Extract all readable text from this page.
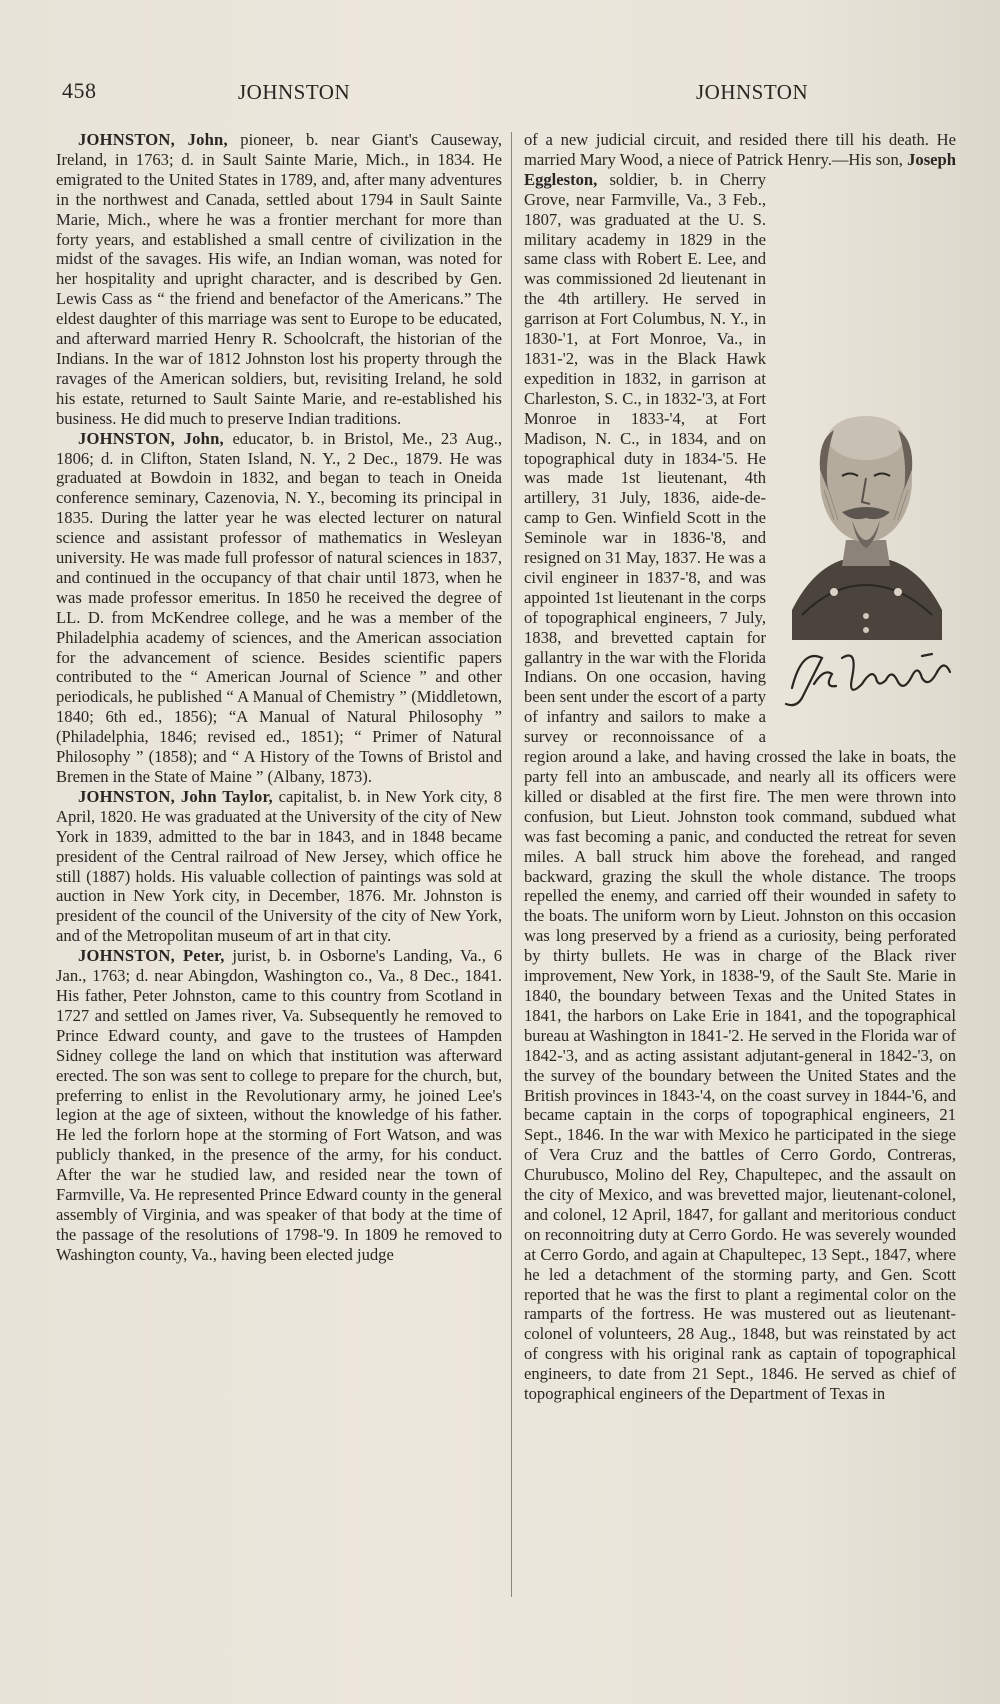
458	JOHNSTON	JOHNSTON

JOHNSTON, John, pioneer, b. near Giant's Causeway, Ireland, in 1763; d. in Sault Sainte Marie, Mich., in 1834. He emigrated to the United States in 1789, and, after many adventures in the northwest and Canada, settled about 1794 in Sault Sainte Marie, Mich., where he was a frontier merchant for more than forty years, and established a small centre of civilization in the midst of the savages. His wife, an Indian woman, was noted for her hospitality and upright character, and is described by Gen. Lewis Cass as “ the friend and benefactor of the Americans.” The eldest daughter of this marriage was sent to Europe to be educated, and afterward married Henry R. Schoolcraft, the historian of the Indians. In the war of 1812 Johnston lost his property through the ravages of the American soldiers, but, revisiting Ireland, he sold his estate, returned to Sault Sainte Marie, and re-established his business. He did much to preserve Indian traditions.

JOHNSTON, John, educator, b. in Bristol, Me., 23 Aug., 1806; d. in Clifton, Staten Island, N. Y., 2 Dec., 1879. He was graduated at Bowdoin in 1832, and began to teach in Oneida conference seminary, Cazenovia, N. Y., becoming its principal in 1835. During the latter year he was elected lecturer on natural science and assistant professor of mathematics in Wesleyan university. He was made full professor of natural sciences in 1837, and continued in the occupancy of that chair until 1873, when he was made professor emeritus. In 1850 he received the degree of LL. D. from McKendree college, and he was a member of the Philadelphia academy of sciences, and the American association for the advancement of science. Besides scientific papers contributed to the “ American Journal of Science ” and other periodicals, he published “ A Manual of Chemistry ” (Middletown, 1840; 6th ed., 1856); “A Manual of Natural Philosophy ” (Philadelphia, 1846; revised ed., 1851); “ Primer of Natural Philosophy ” (1858); and “ A History of the Towns of Bristol and Bremen in the State of Maine ” (Albany, 1873).

JOHNSTON, John Taylor, capitalist, b. in New York city, 8 April, 1820. He was graduated at the University of the city of New York in 1839, admitted to the bar in 1843, and in 1848 became president of the Central railroad of New Jersey, which office he still (1887) holds. His valuable collection of paintings was sold at auction in New York city, in December, 1876. Mr. Johnston is president of the council of the University of the city of New York, and of the Metropolitan museum of art in that city.

JOHNSTON, Peter, jurist, b. in Osborne's Landing, Va., 6 Jan., 1763; d. near Abingdon, Washington co., Va., 8 Dec., 1841. His father, Peter Johnston, came to this country from Scotland in 1727 and settled on James river, Va. Subsequently he removed to Prince Edward county, and gave to the trustees of Hampden Sidney college the land on which that institution was afterward erected. The son was sent to college to prepare for the church, but, preferring to enlist in the Revolutionary army, he joined Lee's legion at the age of sixteen, without the knowledge of his father. He led the forlorn hope at the storming of Fort Watson, and was publicly thanked, in the presence of the army, for his conduct. After the war he studied law, and resided near the town of Farmville, Va. He represented Prince Edward county in the general assembly of Virginia, and was speaker of that body at the time of the passage of the resolutions of 1798-'9. In 1809 he removed to Washington county, Va., having been elected judge

of a new judicial circuit, and resided there till his death. He married Mary Wood, a niece of Patrick Henry.—His son, Joseph Eggleston,
soldier, b. in Cherry Grove, near Farmville, Va., 3 Feb., 1807, was graduated at the U. S. military academy in 1829 in the same class with Robert E. Lee, and was commissioned 2d lieutenant in the 4th artillery. He served in garrison at Fort Columbus, N. Y., in 1830-'1, at Fort Monroe, Va., in 1831-'2, was in the Black Hawk expedition in 1832, in garrison at Charleston, S. C., in 1832-'3, at Fort Monroe in 1833-'4, at Fort Madison, N. C., in 1834, and on topographical duty in 1834-'5. He was made 1st lieutenant, 4th artillery, 31 July, 1836, aide-de-camp to Gen. Winfield Scott in the Seminole war in 1836-'8, and resigned on 31 May, 1837. He was a civil engineer in 1837-'8, and was appointed 1st lieutenant in the corps of topographical engineers, 7 July, 1838, and brevetted captain for gallantry in the war with the Florida Indians. On one occasion, having been sent under the escort of a party of infantry and sailors to make a survey or reconnoissance of a region around a lake, and having crossed the lake in boats, the party fell into an ambuscade, and nearly all its officers were killed or disabled at the first fire. The men were thrown into confusion, but Lieut. Johnston took command, subdued what was fast becoming a panic, and conducted the retreat for seven miles. A ball struck him above the forehead, and ranged backward, grazing the skull the whole distance. The troops repelled the enemy, and carried off their wounded in safety to the boats. The uniform worn by Lieut. Johnston on this occasion was long preserved by a friend as a curiosity, being perforated by thirty bullets. He was in charge of the Black river improvement, New York, in 1838-'9, of the Sault Ste. Marie in 1840, the boundary between Texas and the United States in 1841, the harbors on Lake Erie in 1841, and the topographical bureau at Washington in 1841-'2. He served in the Florida war of 1842-'3, and as acting assistant adjutant-general in 1842-'3, on the survey of the boundary between the United States and the British provinces in 1843-'4, on the coast survey in 1844-'6, and became captain in the corps of topographical engineers, 21 Sept., 1846. In the war with Mexico he participated in the siege of Vera Cruz and the battles of Cerro Gordo, Contreras, Churubusco, Molino del Rey, Chapultepec, and the assault on the city of Mexico, and was brevetted major, lieutenant-colonel, and colonel, 12 April, 1847, for gallant and meritorious conduct on reconnoitring duty at Cerro Gordo. He was severely wounded at Cerro Gordo, and again at Chapultepec, 13 Sept., 1847, where he led a detachment of the storming party, and Gen. Scott reported that he was the first to plant a regimental color on the ramparts of the fortress. He was mustered out as lieutenant-colonel of volunteers, 28 Aug., 1848, but was reinstated by act of congress with his original rank as captain of topographical engineers, to date from 21 Sept., 1846. He served as chief of topographical engineers of the Department of Texas in
